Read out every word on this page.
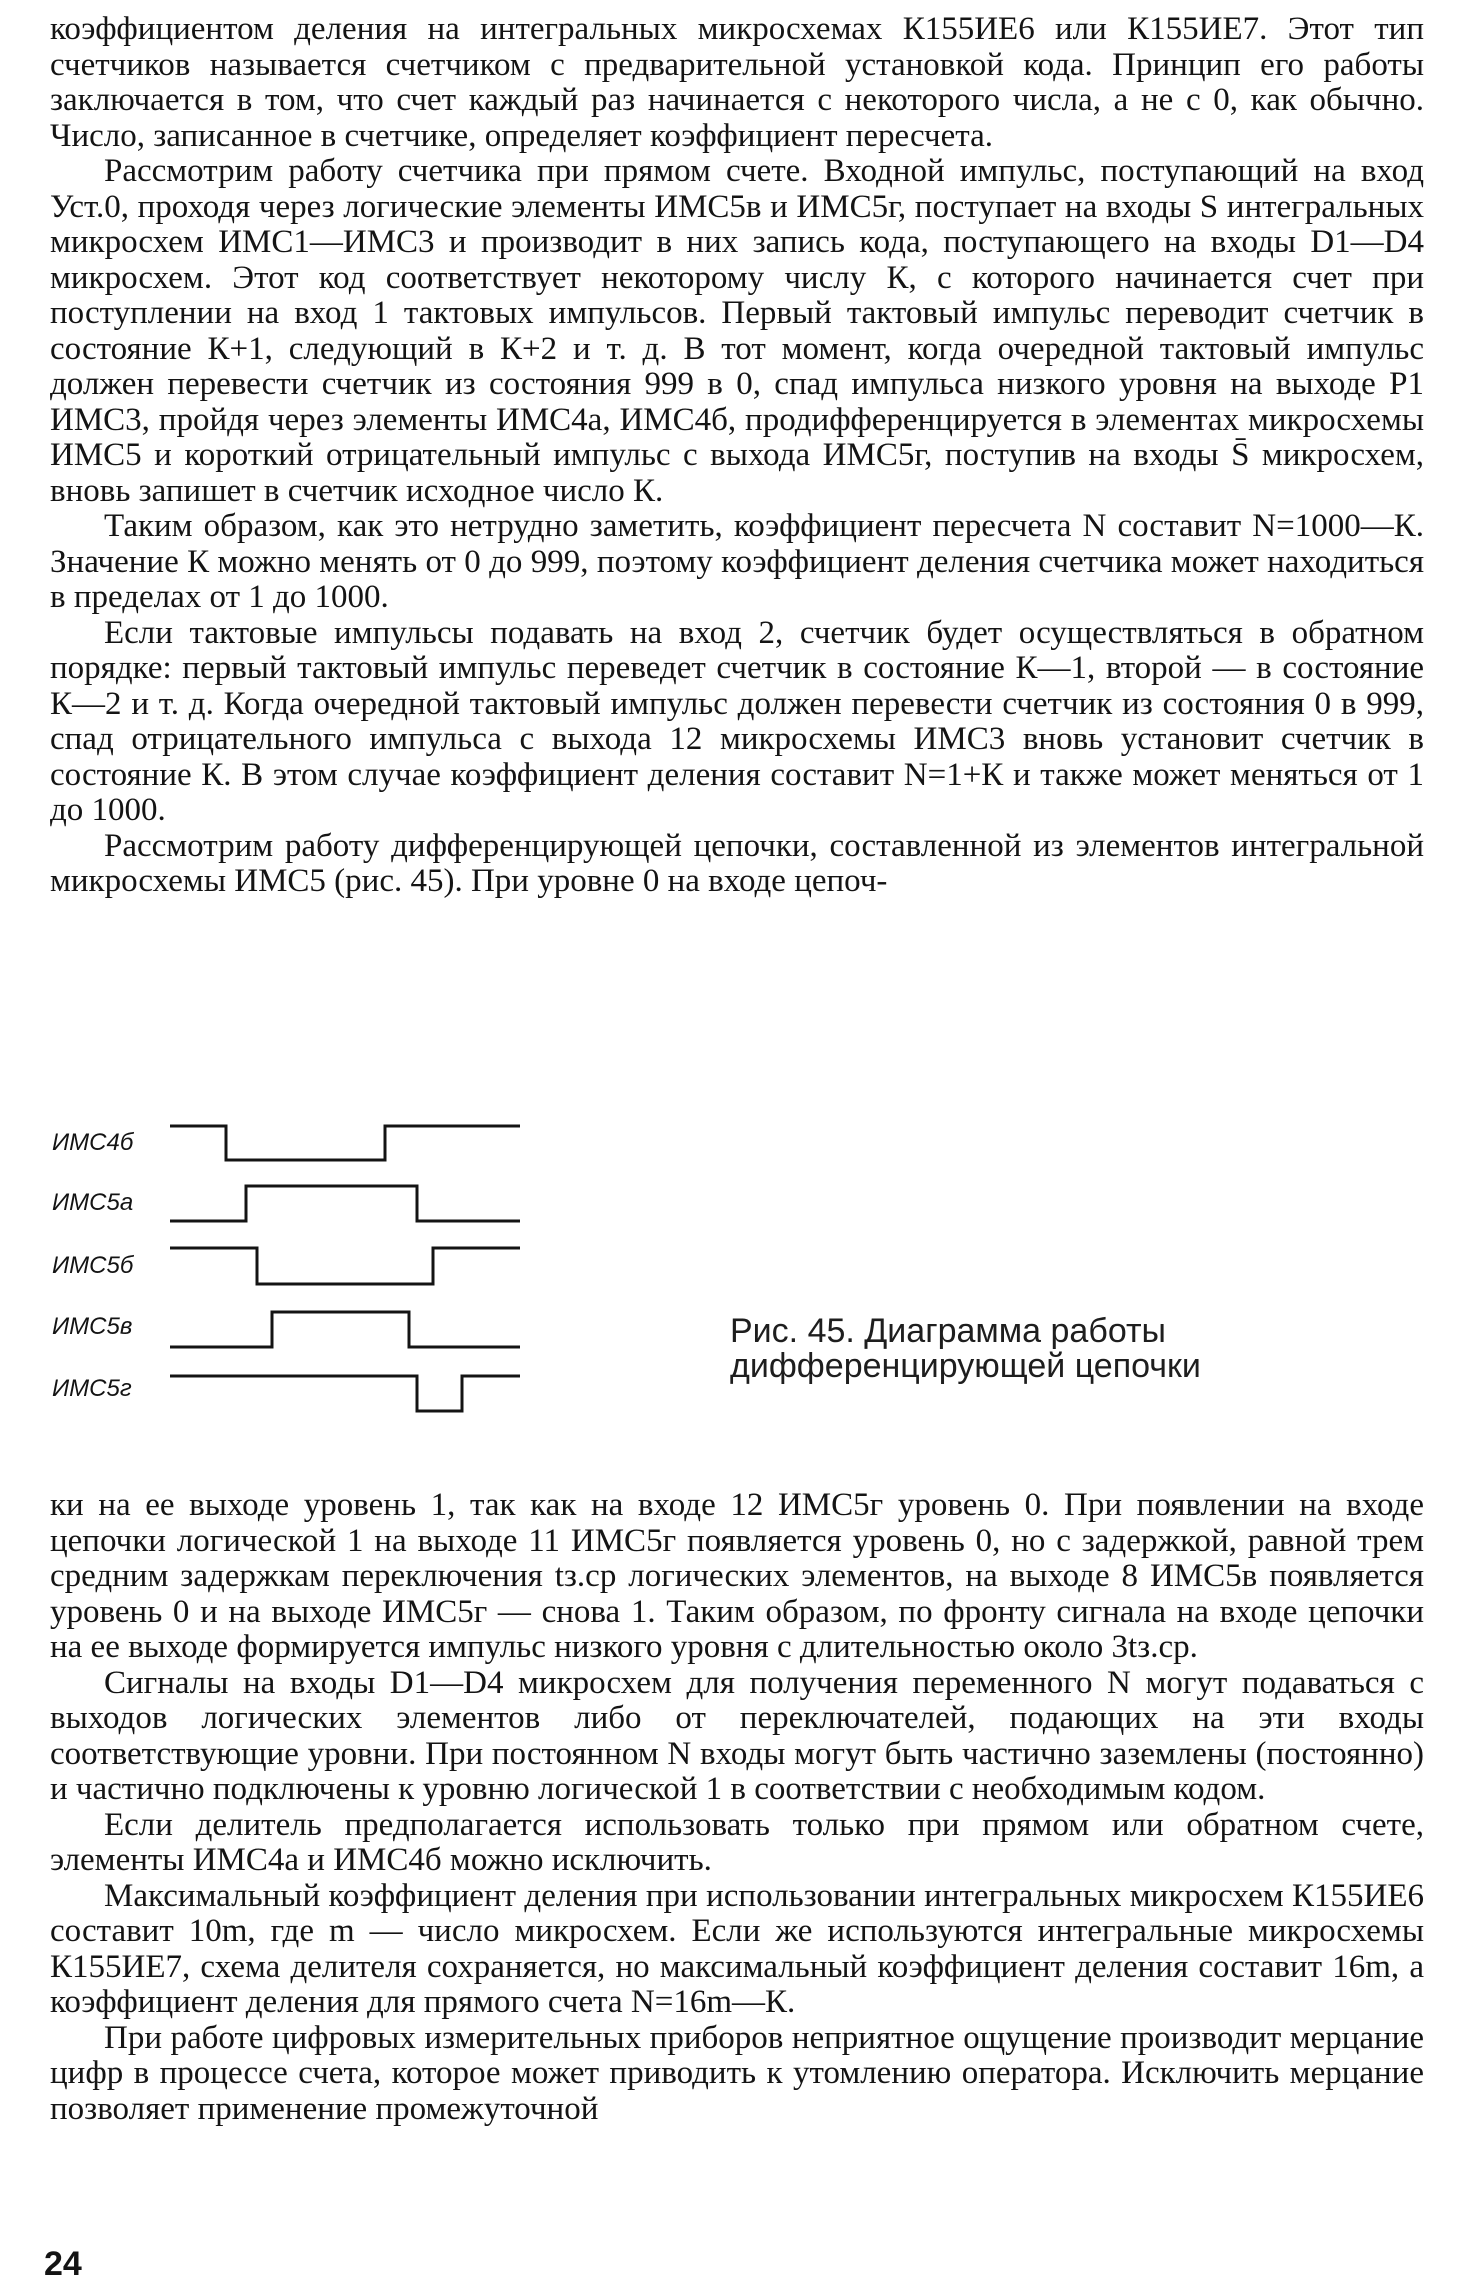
коэффициентом деления на интегральных микросхемах К155ИЕ6 или К155ИЕ7. Этот тип счетчиков называется счетчиком с предварительной установкой кода. Принцип его работы заключается в том, что счет каждый раз начинается с некоторого числа, а не с 0, как обычно. Число, записанное в счетчике, определяет коэффициент пересчета.

Рассмотрим работу счетчика при прямом счете. Входной импульс, поступающий на вход Уст.0, проходя через логические элементы ИМС5в и ИМС5г, поступает на входы S интегральных микросхем ИМС1—ИМС3 и производит в них запись кода, поступающего на входы D1—D4 микросхем. Этот код соответствует некоторому числу К, с которого начинается счет при поступлении на вход 1 тактовых импульсов. Первый тактовый импульс переводит счетчик в состояние К+1, следующий в К+2 и т. д. В тот момент, когда очередной тактовый импульс должен перевести счетчик из состояния 999 в 0, спад импульса низкого уровня на выходе P1 ИМС3, пройдя через элементы ИМС4а, ИМС4б, продифференцируется в элементах микросхемы ИМС5 и короткий отрицательный импульс с выхода ИМС5г, поступив на входы S̄ микросхем, вновь запишет в счетчик исходное число К.

Таким образом, как это нетрудно заметить, коэффициент пересчета N составит N=1000—К. Значение К можно менять от 0 до 999, поэтому коэффициент деления счетчика может находиться в пределах от 1 до 1000.

Если тактовые импульсы подавать на вход 2, счетчик будет осуществляться в обратном порядке: первый тактовый импульс переведет счетчик в состояние К—1, второй — в состояние К—2 и т. д. Когда очередной тактовый импульс должен перевести счетчик из состояния 0 в 999, спад отрицательного импульса с выхода 12 микросхемы ИМС3 вновь установит счетчик в состояние К. В этом случае коэффициент деления составит N=1+К и также может меняться от 1 до 1000.

Рассмотрим работу дифференцирующей цепочки, составленной из элементов интегральной микросхемы ИМС5 (рис. 45). При уровне 0 на входе цепоч-

ИМС4б
ИМС5а
ИМС5б
ИМС5в
ИМС5г
Рис. 45. Диаграмма работы дифференцирующей цепочки

ки на ее выходе уровень 1, так как на входе 12 ИМС5г уровень 0. При появлении на входе цепочки логической 1 на выходе 11 ИМС5г появляется уровень 0, но с задержкой, равной трем средним задержкам переключения tз.ср логических элементов, на выходе 8 ИМС5в появляется уровень 0 и на выходе ИМС5г — снова 1. Таким образом, по фронту сигнала на входе цепочки на ее выходе формируется импульс низкого уровня с длительностью около 3tз.ср.

Сигналы на входы D1—D4 микросхем для получения переменного N могут подаваться с выходов логических элементов либо от переключателей, подающих на эти входы соответствующие уровни. При постоянном N входы могут быть частично заземлены (постоянно) и частично подключены к уровню логической 1 в соответствии с необходимым кодом.

Если делитель предполагается использовать только при прямом или обратном счете, элементы ИМС4а и ИМС4б можно исключить.

Максимальный коэффициент деления при использовании интегральных микросхем К155ИЕ6 составит 10m, где m — число микросхем. Если же используются интегральные микросхемы К155ИЕ7, схема делителя сохраняется, но максимальный коэффициент деления составит 16m, а коэффициент деления для прямого счета N=16m—К.

При работе цифровых измерительных приборов неприятное ощущение производит мерцание цифр в процессе счета, которое может приводить к утомлению оператора. Исключить мерцание позволяет применение промежуточной

24
